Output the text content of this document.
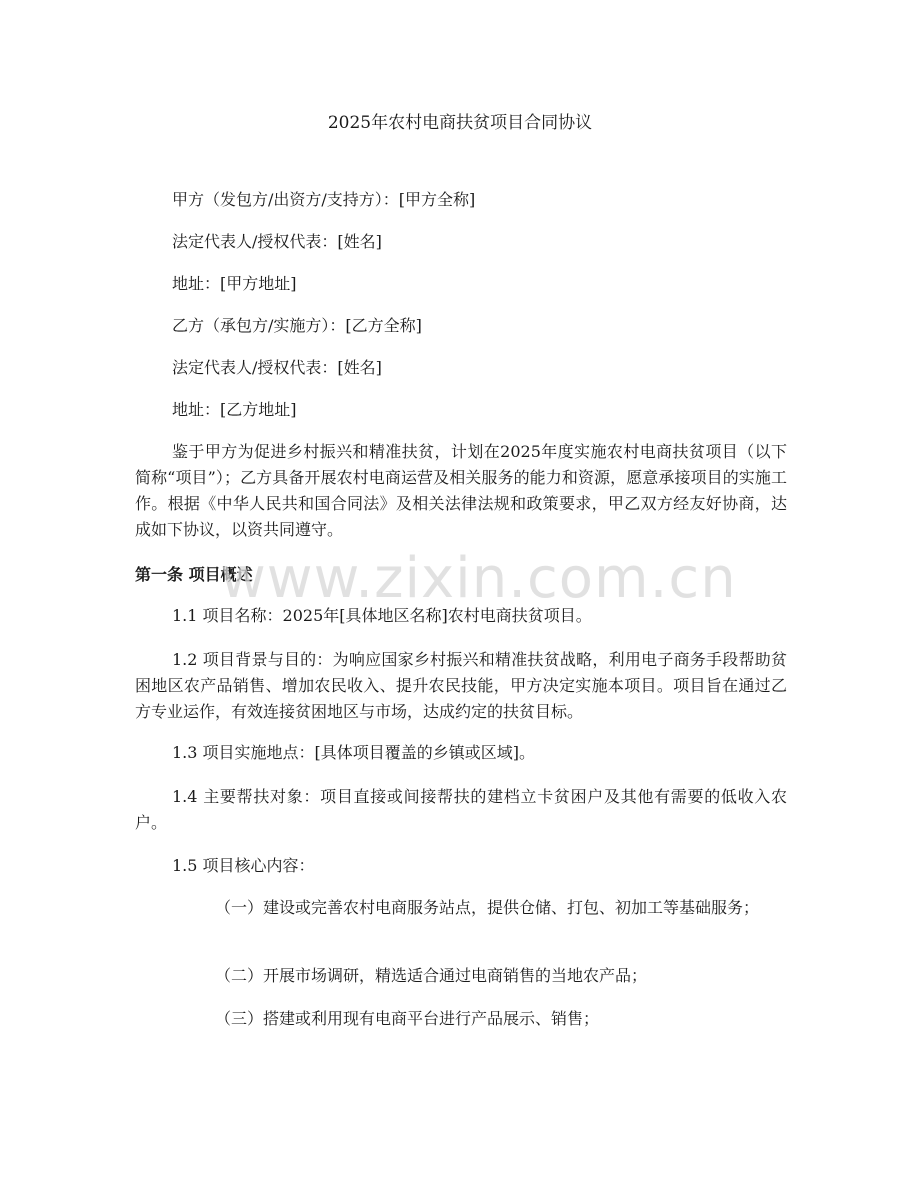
2025年农村电商扶贫项目合同协议
甲方（发包方/出资方/支持方）：[甲方全称]
法定代表人/授权代表：[姓名]
地址：[甲方地址]
乙方（承包方/实施方）：[乙方全称]
法定代表人/授权代表：[姓名]
地址：[乙方地址]
鉴于甲方为促进乡村振兴和精准扶贫，计划在2025年度实施农村电商扶贫项目（以下简称“项目”）；乙方具备开展农村电商运营及相关服务的能力和资源，愿意承接项目的实施工作。根据《中华人民共和国合同法》及相关法律法规和政策要求，甲乙双方经友好协商，达成如下协议，以资共同遵守。
第一条 项目概述
1.1 项目名称：2025年[具体地区名称]农村电商扶贫项目。
1.2 项目背景与目的：为响应国家乡村振兴和精准扶贫战略，利用电子商务手段帮助贫困地区农产品销售、增加农民收入、提升农民技能，甲方决定实施本项目。项目旨在通过乙方专业运作，有效连接贫困地区与市场，达成约定的扶贫目标。
1.3 项目实施地点：[具体项目覆盖的乡镇或区域]。
1.4 主要帮扶对象：项目直接或间接帮扶的建档立卡贫困户及其他有需要的低收入农户。
1.5 项目核心内容：
（一）建设或完善农村电商服务站点，提供仓储、打包、初加工等基础服务；
（二）开展市场调研，精选适合通过电商销售的当地农产品；
（三）搭建或利用现有电商平台进行产品展示、销售；
www.zixin.com.cn
